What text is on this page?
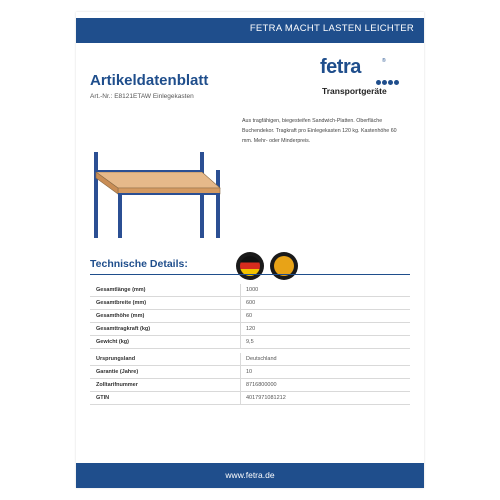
FETRA MACHT LASTEN LEICHTER
Artikeldatenblatt
Art.-Nr.: E8121ETAW Einlegekasten
fetra	®
Transportgeräte
Aus tragfähigen, biegesteifen Sandwich-Platten. Oberfläche Buchendekor. Tragkraft pro Einlegekasten 120 kg. Kastenhöhe 60 mm. Mehr- oder Minderpreis.
Technische Details:
Gesamtlänge (mm)	1000
Gesamtbreite (mm)	600
Gesamthöhe (mm)	60
Gesamttragkraft (kg)	120
Gewicht (kg)	9,5
Ursprungsland	Deutschland
Garantie (Jahre)	10
Zolltarifnummer	8716800000
GTIN	4017971081212
www.fetra.de
